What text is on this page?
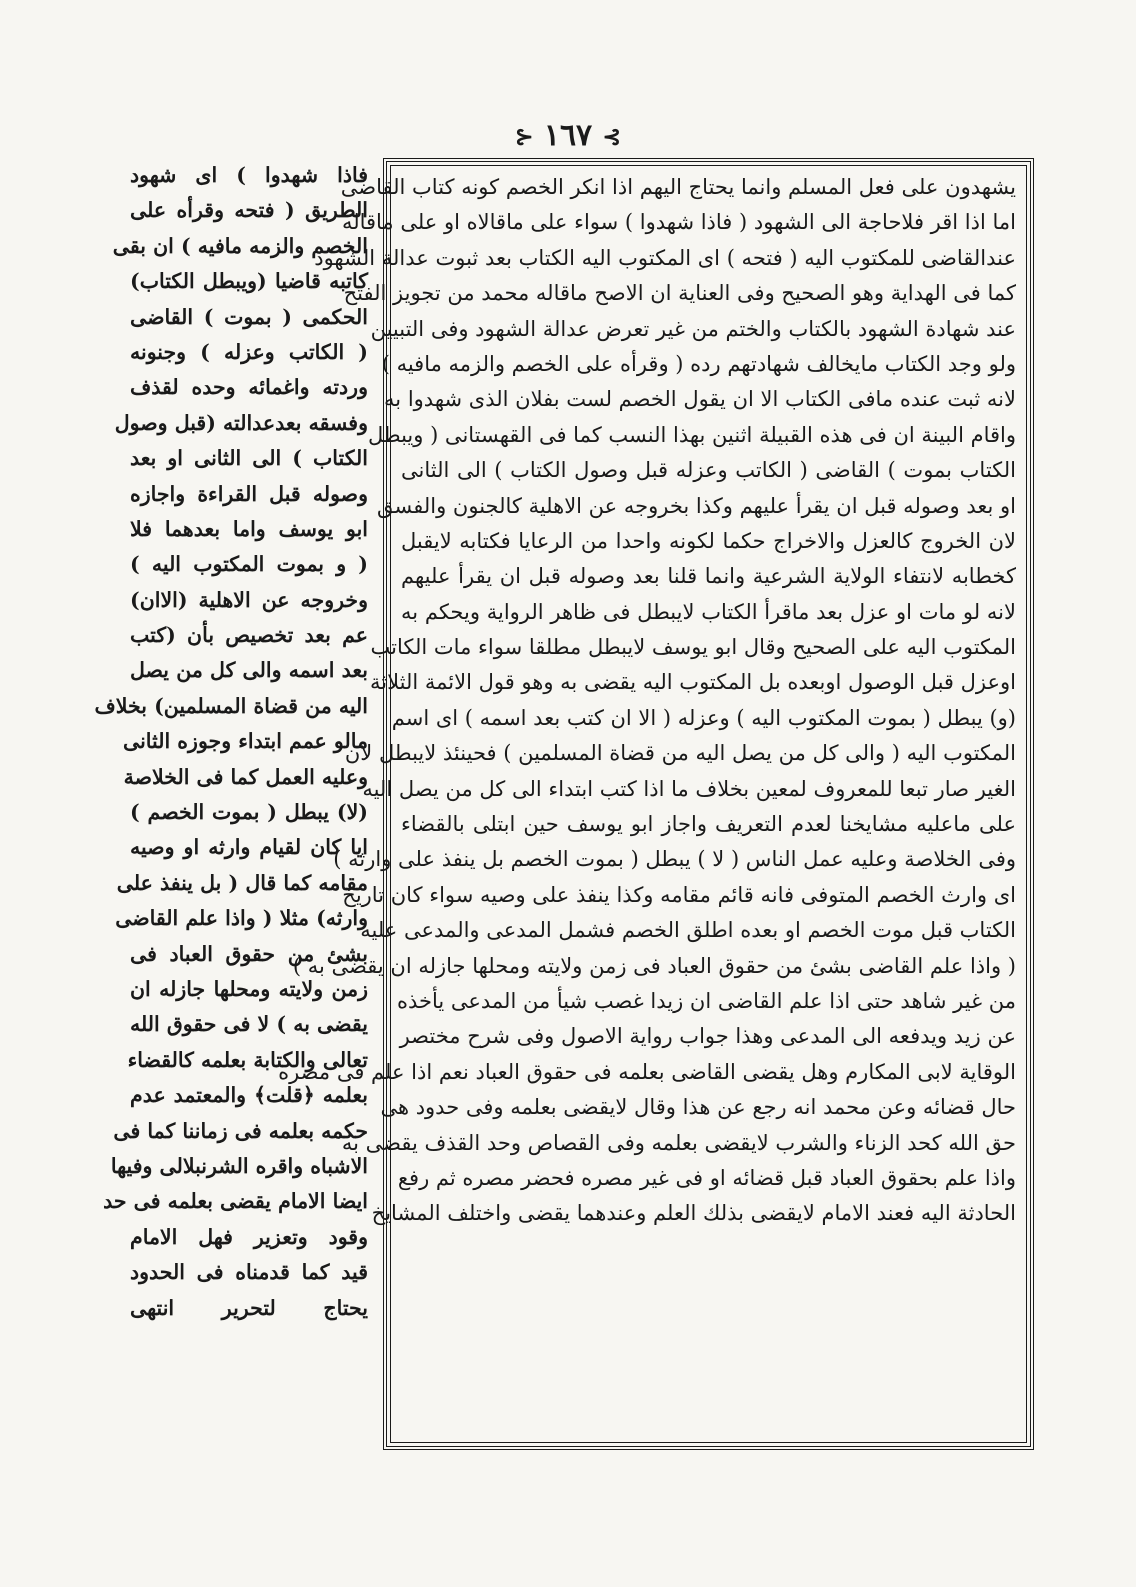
⊱ ١٦٧ ⊰
فاذا شهدوا ) اى شهود
الطريق ( فتحه وقرأه على
الخصم والزمه مافيه ) ان بقى
كاتبه قاضيا (ويبطل الكتاب)
الحكمى ( بموت ) القاضى
( الكاتب وعزله ) وجنونه
وردته واغمائه وحده لقذف
وفسقه بعدعدالته (قبل وصول
الكتاب ) الى الثانى او بعد
وصوله قبل القراءة واجازه
ابو يوسف واما بعدهما فلا
( و بموت المكتوب اليه )
وخروجه عن الاهلية (الاان)
عم بعد تخصيص بأن (كتب
بعد اسمه والى كل من يصل
اليه من قضاة المسلمين) بخلاف
مالو عمم ابتداء وجوزه الثانى
وعليه العمل كما فى الخلاصة
(لا) يبطل ( بموت الخصم )
ايا كان لقيام وارثه او وصيه
مقامه كما قال ( بل ينفذ على
وارثه) مثلا ( واذا علم القاضى
بشئ من حقوق العباد فى
زمن ولايته ومحلها جازله ان
يقضى به ) لا فى حقوق الله
تعالى والكتابة بعلمه كالقضاء
بعلمه ﴿قلت﴾ والمعتمد عدم
حكمه بعلمه فى زماننا كما فى
الاشباه واقره الشرنبلالى وفيها
ايضا الامام يقضى بعلمه فى حد
وقود وتعزير فهل الامام
قيد كما قدمناه فى الحدود
يحتاج لتحرير انتهى
يشهدون على فعل المسلم وانما يحتاج اليهم اذا انكر الخصم كونه كتاب القاضى
اما اذا اقر فلاحاجة الى الشهود ( فاذا شهدوا ) سواء على ماقالاه او على ماقاله
عندالقاضى للمكتوب اليه ( فتحه ) اى المكتوب اليه الكتاب بعد ثبوت عدالة الشهود
كما فى الهداية وهو الصحيح وفى العناية ان الاصح ماقاله محمد من تجويز الفتح
عند شهادة الشهود بالكتاب والختم من غير تعرض عدالة الشهود وفى التبيين
ولو وجد الكتاب مايخالف شهادتهم رده ( وقرأه على الخصم والزمه مافيه )
لانه ثبت عنده مافى الكتاب الا ان يقول الخصم لست بفلان الذى شهدوا به
واقام البينة ان فى هذه القبيلة اثنين بهذا النسب كما فى القهستانى ( ويبطل
الكتاب بموت ) القاضى ( الكاتب وعزله قبل وصول الكتاب ) الى الثانى
او بعد وصوله قبل ان يقرأ عليهم وكذا بخروجه عن الاهلية كالجنون والفسق
لان الخروج كالعزل والاخراج حكما لكونه واحدا من الرعايا فكتابه لايقبل
كخطابه لانتفاء الولاية الشرعية وانما قلنا بعد وصوله قبل ان يقرأ عليهم
لانه لو مات او عزل بعد ماقرأ الكتاب لايبطل فى ظاهر الرواية ويحكم به
المكتوب اليه على الصحيح وقال ابو يوسف لايبطل مطلقا سواء مات الكاتب
اوعزل قبل الوصول اوبعده بل المكتوب اليه يقضى به وهو قول الائمة الثلاثة
(و) يبطل ( بموت المكتوب اليه ) وعزله ( الا ان كتب بعد اسمه ) اى اسم
المكتوب اليه ( والى كل من يصل اليه من قضاة المسلمين ) فحينئذ لايبطل لان
الغير صار تبعا للمعروف لمعين بخلاف ما اذا كتب ابتداء الى كل من يصل اليه
على ماعليه مشايخنا لعدم التعريف واجاز ابو يوسف حين ابتلى بالقضاء
وفى الخلاصة وعليه عمل الناس ( لا ) يبطل ( بموت الخصم بل ينفذ على وارثه )
اى وارث الخصم المتوفى فانه قائم مقامه وكذا ينفذ على وصيه سواء كان تاريخ
الكتاب قبل موت الخصم او بعده اطلق الخصم فشمل المدعى والمدعى عليه
( واذا علم القاضى بشئ من حقوق العباد فى زمن ولايته ومحلها جازله ان يقضى به )
من غير شاهد حتى اذا علم القاضى ان زيدا غصب شيأ من المدعى يأخذه
عن زيد ويدفعه الى المدعى وهذا جواب رواية الاصول وفى شرح مختصر
الوقاية لابى المكارم وهل يقضى القاضى بعلمه فى حقوق العباد نعم اذا علم فى مصره
حال قضائه وعن محمد انه رجع عن هذا وقال لايقضى بعلمه وفى حدود هى
حق الله كحد الزناء والشرب لايقضى بعلمه وفى القصاص وحد القذف يقضى به
واذا علم بحقوق العباد قبل قضائه او فى غير مصره فحضر مصره ثم رفع
الحادثة اليه فعند الامام لايقضى بذلك العلم وعندهما يقضى واختلف المشايخ
